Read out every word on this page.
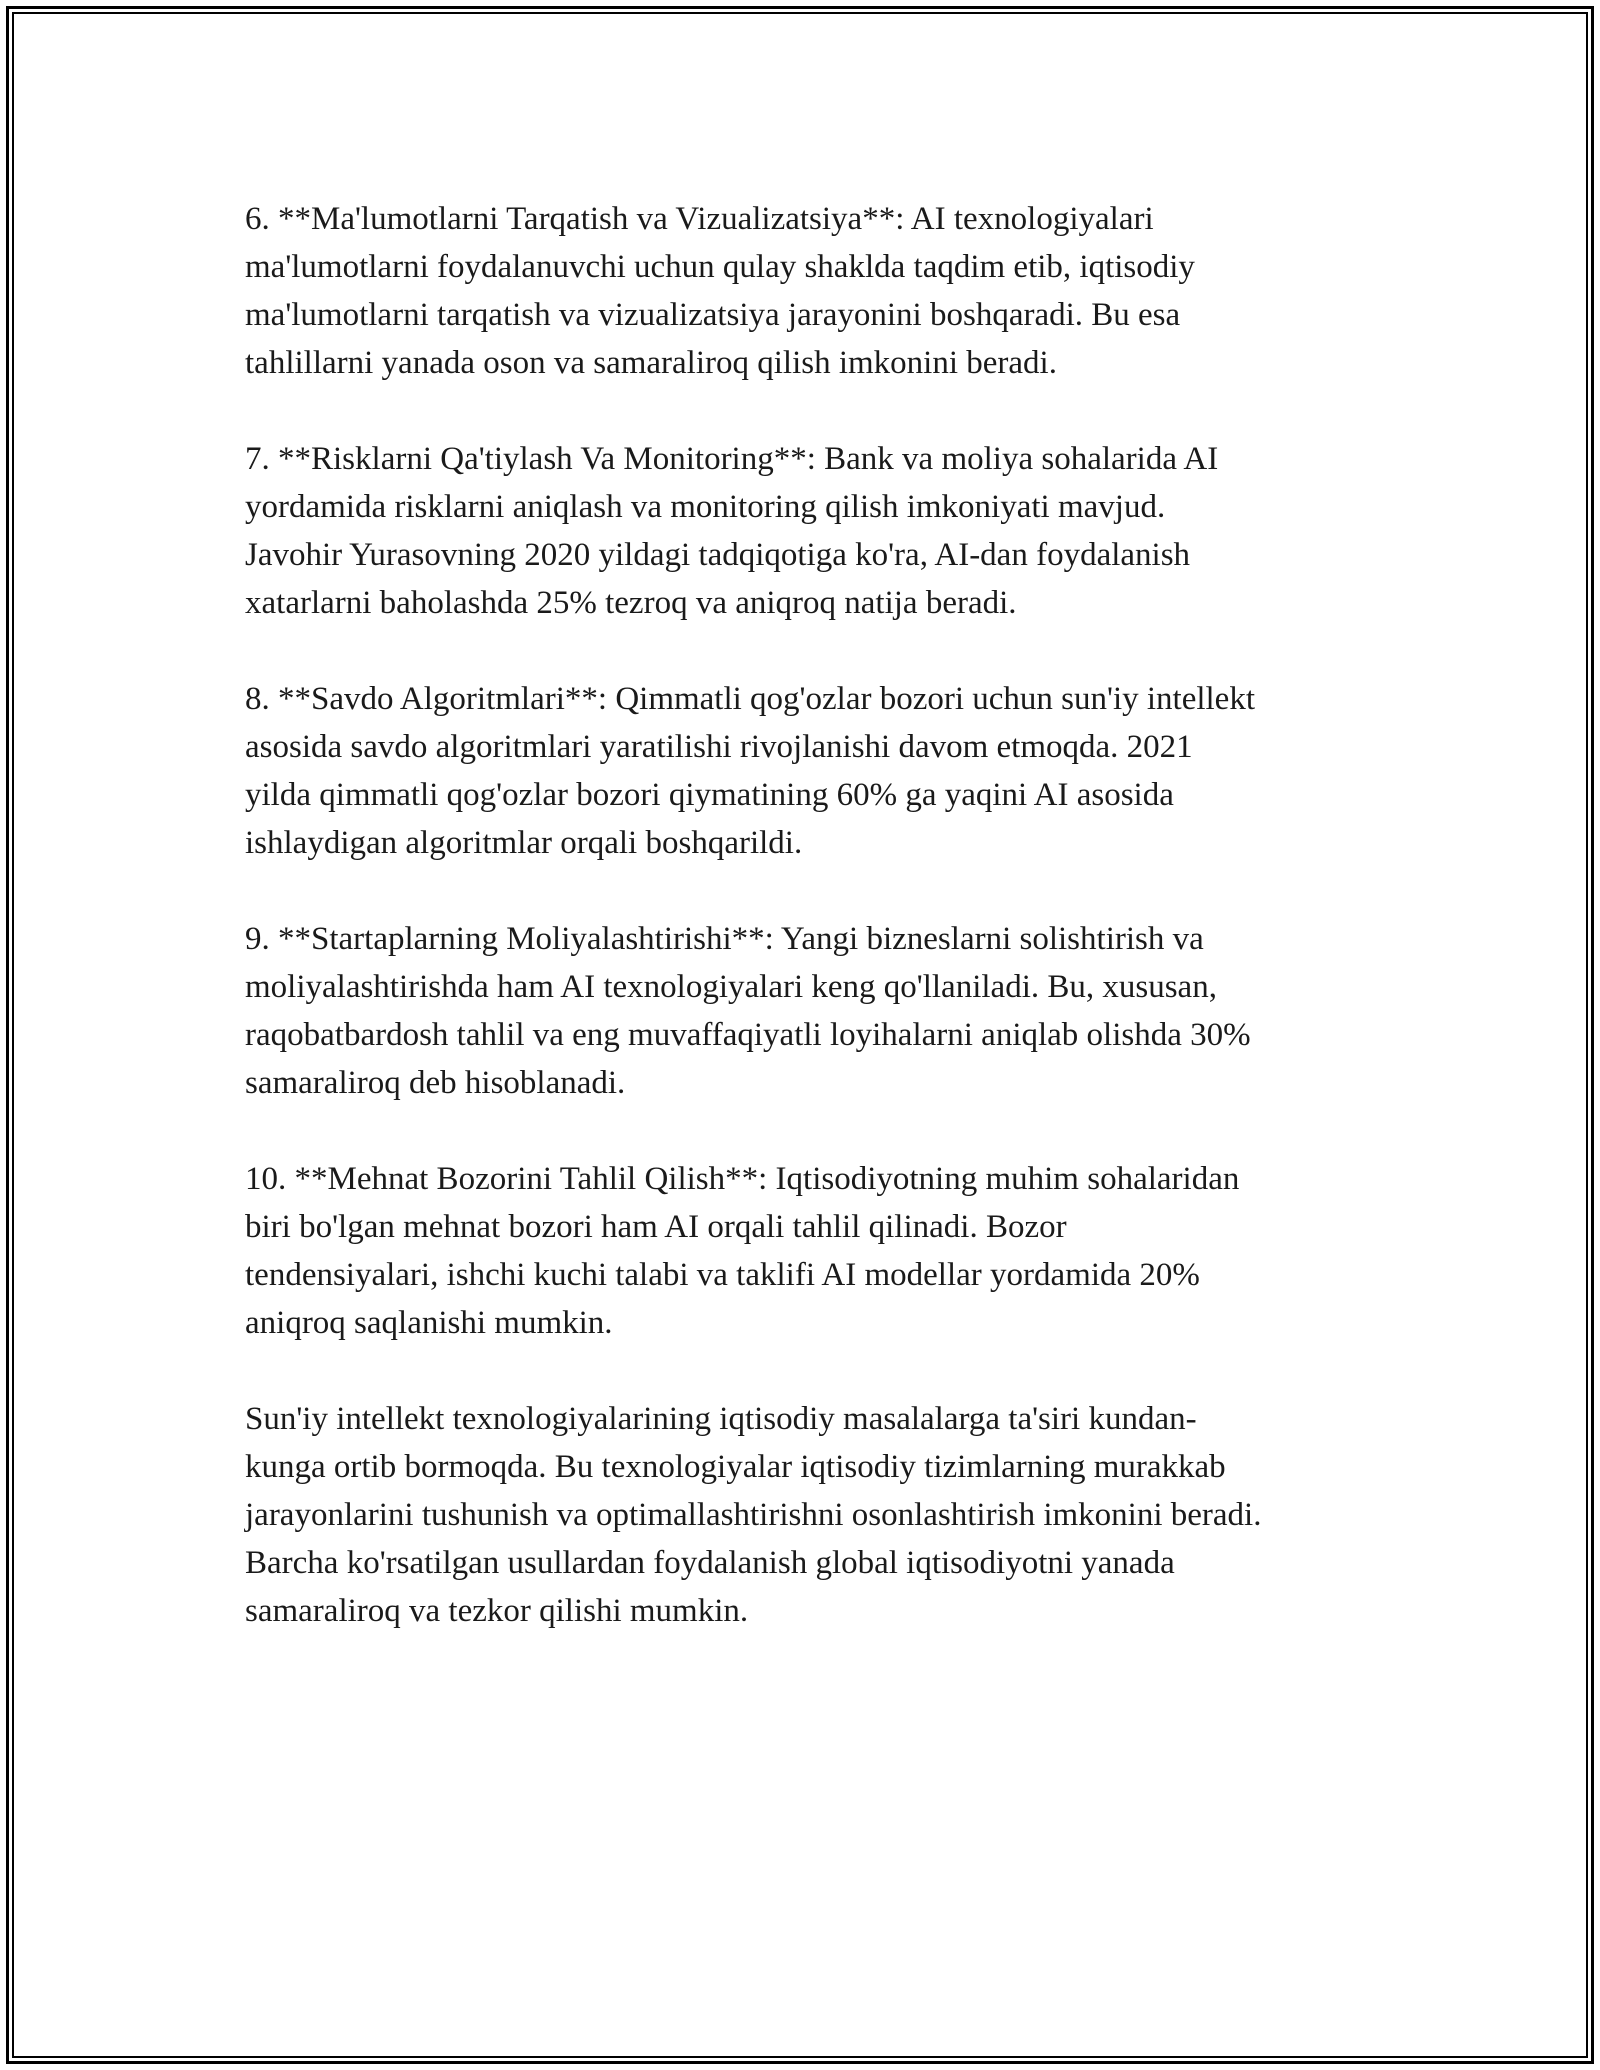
6. **Ma'lumotlarni Tarqatish va Vizualizatsiya**: AI texnologiyalari
ma'lumotlarni foydalanuvchi uchun qulay shaklda taqdim etib, iqtisodiy
ma'lumotlarni tarqatish va vizualizatsiya jarayonini boshqaradi. Bu esa
tahlillarni yanada oson va samaraliroq qilish imkonini beradi.

7. **Risklarni Qa'tiylash Va Monitoring**: Bank va moliya sohalarida AI
yordamida risklarni aniqlash va monitoring qilish imkoniyati mavjud.
Javohir Yurasovning 2020 yildagi tadqiqotiga ko'ra, AI-dan foydalanish
xatarlarni baholashda 25% tezroq va aniqroq natija beradi.

8. **Savdo Algoritmlari**: Qimmatli qog'ozlar bozori uchun sun'iy intellekt
asosida savdo algoritmlari yaratilishi rivojlanishi davom etmoqda. 2021
yilda qimmatli qog'ozlar bozori qiymatining 60% ga yaqini AI asosida
ishlaydigan algoritmlar orqali boshqarildi.

9. **Startaplarning Moliyalashtirishi**: Yangi bizneslarni solishtirish va
moliyalashtirishda ham AI texnologiyalari keng qo'llaniladi. Bu, xususan,
raqobatbardosh tahlil va eng muvaffaqiyatli loyihalarni aniqlab olishda 30%
samaraliroq deb hisoblanadi.

10. **Mehnat Bozorini Tahlil Qilish**: Iqtisodiyotning muhim sohalaridan
biri bo'lgan mehnat bozori ham AI orqali tahlil qilinadi. Bozor
tendensiyalari, ishchi kuchi talabi va taklifi AI modellar yordamida 20%
aniqroq saqlanishi mumkin.

Sun'iy intellekt texnologiyalarining iqtisodiy masalalarga ta'siri kundan-
kunga ortib bormoqda. Bu texnologiyalar iqtisodiy tizimlarning murakkab
jarayonlarini tushunish va optimallashtirishni osonlashtirish imkonini beradi.
Barcha ko'rsatilgan usullardan foydalanish global iqtisodiyotni yanada
samaraliroq va tezkor qilishi mumkin.
